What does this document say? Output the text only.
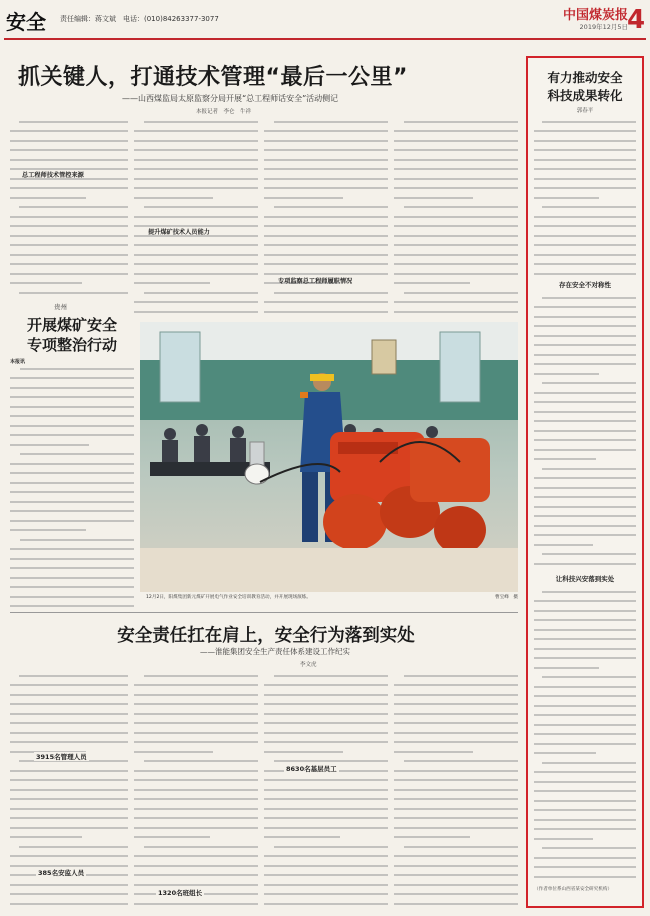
安全 责任编辑：蒋文斌　电话：(010)84263377-3077	中国煤炭报
2019年12月5日
4
抓关键人，打通技术管理“最后一公里”
——山西煤监局太原监察分局开展“总工程师话安全”活动侧记
本报记者　李仑　牛祥
总工程师技术管控来源
提升煤矿技术人员能力
专项监察总工程师履职情况
贵州
开展煤矿安全
专项整治行动
本报讯
12月2日，阳煤集团新元煤矿开展电气作业安全培训教育活动，并开展现场演练。	曹宝峰　摄
安全责任扛在肩上，安全行为落到实处
——淮能集团安全生产责任体系建设工作纪实
李文虎
3915名管理人员
385名安监人员
1320名班组长
8630名基层员工
有力推动安全
科技成果转化
郭春平
存在安全不对称性
让科技兴安落到实处
（作者单位系山西省某安全研究机构）
